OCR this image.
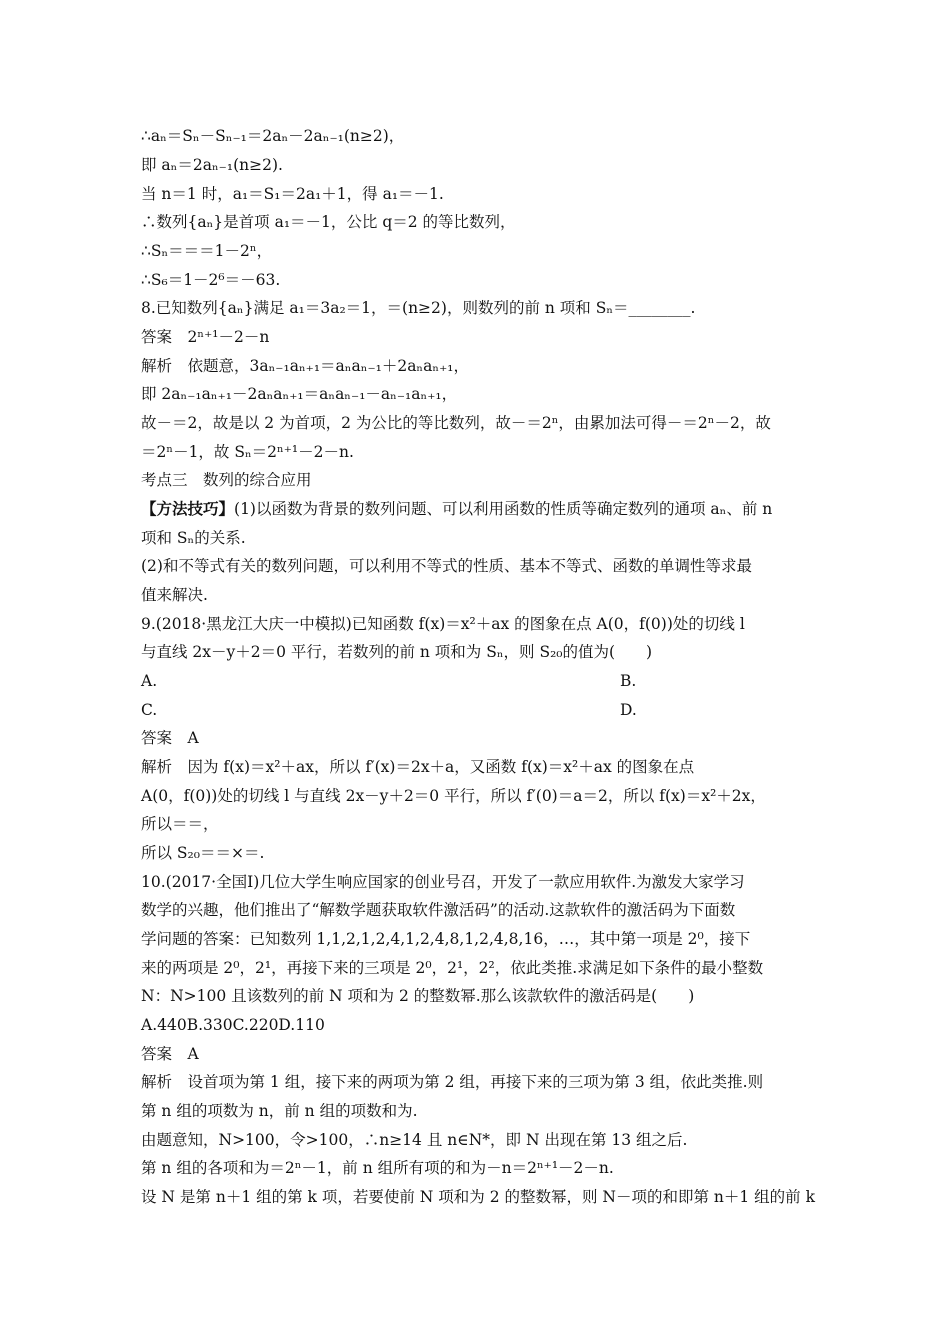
∴aₙ＝Sₙ－Sₙ₋₁＝2aₙ－2aₙ₋₁(n≥2)，
即 aₙ＝2aₙ₋₁(n≥2).
当 n＝1 时，a₁＝S₁＝2a₁＋1，得 a₁＝－1.
∴数列{aₙ}是首项 a₁＝－1，公比 q＝2 的等比数列，
∴Sₙ＝＝＝1－2ⁿ，
∴S₆＝1－2⁶＝－63.
8.已知数列{aₙ}满足 a₁＝3a₂＝1，＝(n≥2)，则数列的前 n 项和 Sₙ＝________.
答案　2ⁿ⁺¹－2－n
解析　依题意，3aₙ₋₁aₙ₊₁＝aₙaₙ₋₁＋2aₙaₙ₊₁，
即 2aₙ₋₁aₙ₊₁－2aₙaₙ₊₁＝aₙaₙ₋₁－aₙ₋₁aₙ₊₁，
故－＝2，故是以 2 为首项，2 为公比的等比数列，故－＝2ⁿ，由累加法可得－＝2ⁿ－2，故
＝2ⁿ－1，故 Sₙ＝2ⁿ⁺¹－2－n.
考点三　数列的综合应用
【方法技巧】(1)以函数为背景的数列问题、可以利用函数的性质等确定数列的通项 aₙ、前 n
项和 Sₙ的关系.
(2)和不等式有关的数列问题，可以利用不等式的性质、基本不等式、函数的单调性等求最
值来解决.
9.(2018·黑龙江大庆一中模拟)已知函数 f(x)＝x²＋ax 的图象在点 A(0，f(0))处的切线 l
与直线 2x－y＋2＝0 平行，若数列的前 n 项和为 Sₙ，则 S₂₀的值为(　　)
A.	B.
C.	D.
答案　A
解析　因为 f(x)＝x²＋ax，所以 f′(x)＝2x＋a，又函数 f(x)＝x²＋ax 的图象在点
A(0，f(0))处的切线 l 与直线 2x－y＋2＝0 平行，所以 f′(0)＝a＝2，所以 f(x)＝x²＋2x，
所以＝＝，
所以 S₂₀＝＝×＝.
10.(2017·全国Ⅰ)几位大学生响应国家的创业号召，开发了一款应用软件.为激发大家学习
数学的兴趣，他们推出了“解数学题获取软件激活码”的活动.这款软件的激活码为下面数
学问题的答案：已知数列 1,1,2,1,2,4,1,2,4,8,1,2,4,8,16，…，其中第一项是 2⁰，接下
来的两项是 2⁰，2¹，再接下来的三项是 2⁰，2¹，2²，依此类推.求满足如下条件的最小整数
N：N>100 且该数列的前 N 项和为 2 的整数幂.那么该款软件的激活码是(　　)
A.440B.330C.220D.110
答案　A
解析　设首项为第 1 组，接下来的两项为第 2 组，再接下来的三项为第 3 组，依此类推.则
第 n 组的项数为 n，前 n 组的项数和为.
由题意知，N>100，令>100，∴n≥14 且 n∈N*，即 N 出现在第 13 组之后.
第 n 组的各项和为＝2ⁿ－1，前 n 组所有项的和为－n＝2ⁿ⁺¹－2－n.
设 N 是第 n＋1 组的第 k 项，若要使前 N 项和为 2 的整数幂，则 N－项的和即第 n＋1 组的前 k
